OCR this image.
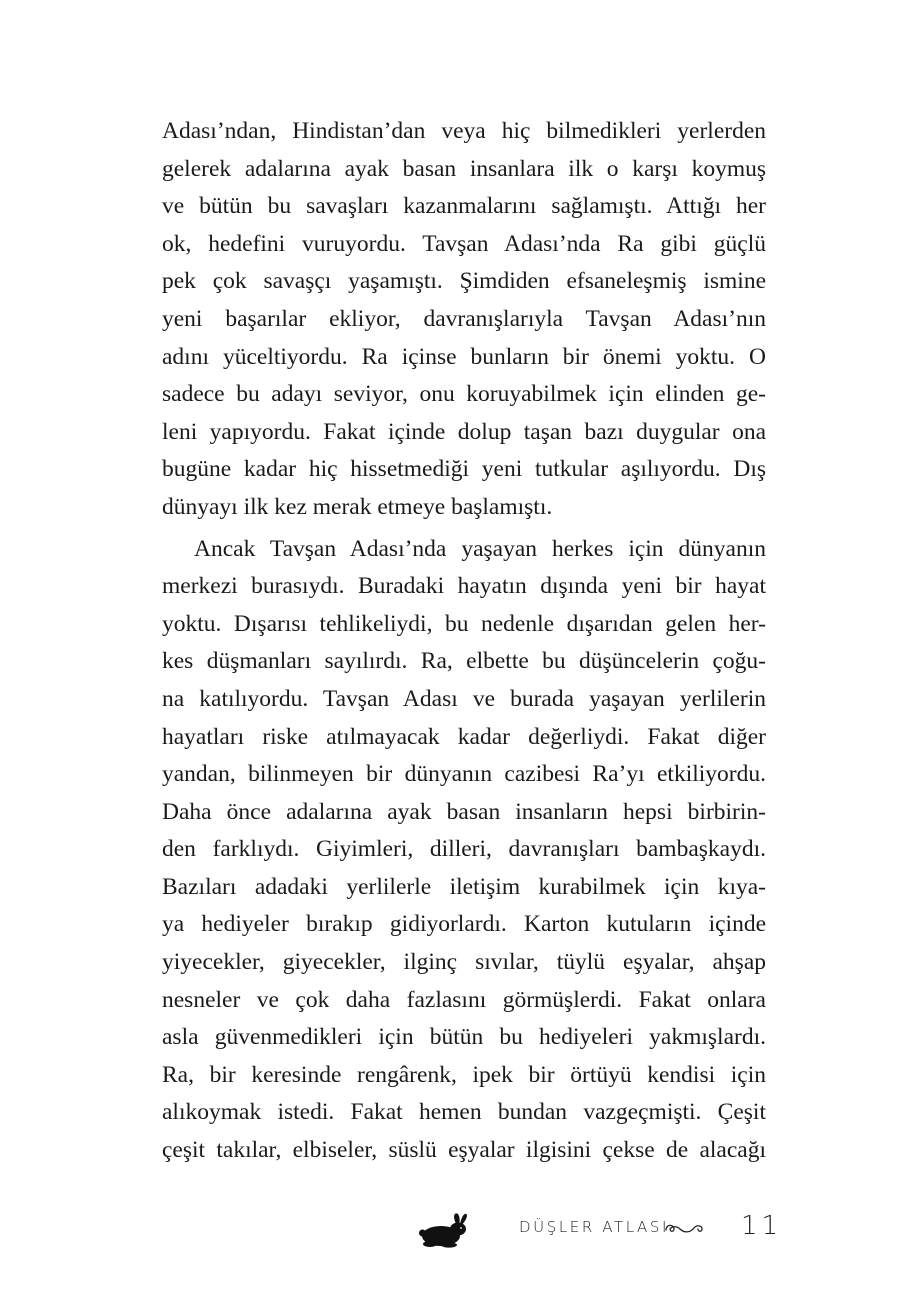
Adası’ndan, Hindistan’dan veya hiç bilmedikleri yerlerden
gelerek adalarına ayak basan insanlara ilk o karşı koymuş
ve bütün bu savaşları kazanmalarını sağlamıştı. Attığı her
ok, hedefini vuruyordu. Tavşan Adası’nda Ra gibi güçlü
pek çok savaşçı yaşamıştı. Şimdiden efsaneleşmiş ismine
yeni başarılar ekliyor, davranışlarıyla Tavşan Adası’nın
adını yüceltiyordu. Ra içinse bunların bir önemi yoktu. O
sadece bu adayı seviyor, onu koruyabilmek için elinden ge-
leni yapıyordu. Fakat içinde dolup taşan bazı duygular ona
bugüne kadar hiç hissetmediği yeni tutkular aşılıyordu. Dış
dünyayı ilk kez merak etmeye başlamıştı.

Ancak Tavşan Adası’nda yaşayan herkes için dünyanın
merkezi burasıydı. Buradaki hayatın dışında yeni bir hayat
yoktu. Dışarısı tehlikeliydi, bu nedenle dışarıdan gelen her-
kes düşmanları sayılırdı. Ra, elbette bu düşüncelerin çoğu-
na katılıyordu. Tavşan Adası ve burada yaşayan yerlilerin
hayatları riske atılmayacak kadar değerliydi. Fakat diğer
yandan, bilinmeyen bir dünyanın cazibesi Ra’yı etkiliyordu.
Daha önce adalarına ayak basan insanların hepsi birbirin-
den farklıydı. Giyimleri, dilleri, davranışları bambaşkaydı.
Bazıları adadaki yerlilerle iletişim kurabilmek için kıya-
ya hediyeler bırakıp gidiyorlardı. Karton kutuların içinde
yiyecekler, giyecekler, ilginç sıvılar, tüylü eşyalar, ahşap
nesneler ve çok daha fazlasını görmüşlerdi. Fakat onlara
asla güvenmedikleri için bütün bu hediyeleri yakmışlardı.
Ra, bir keresinde rengârenk, ipek bir örtüyü kendisi için
alıkoymak istedi. Fakat hemen bundan vazgeçmişti. Çeşit
çeşit takılar, elbiseler, süslü eşyalar ilgisini çekse de alacağı

DÜŞLER ATLASI	11
